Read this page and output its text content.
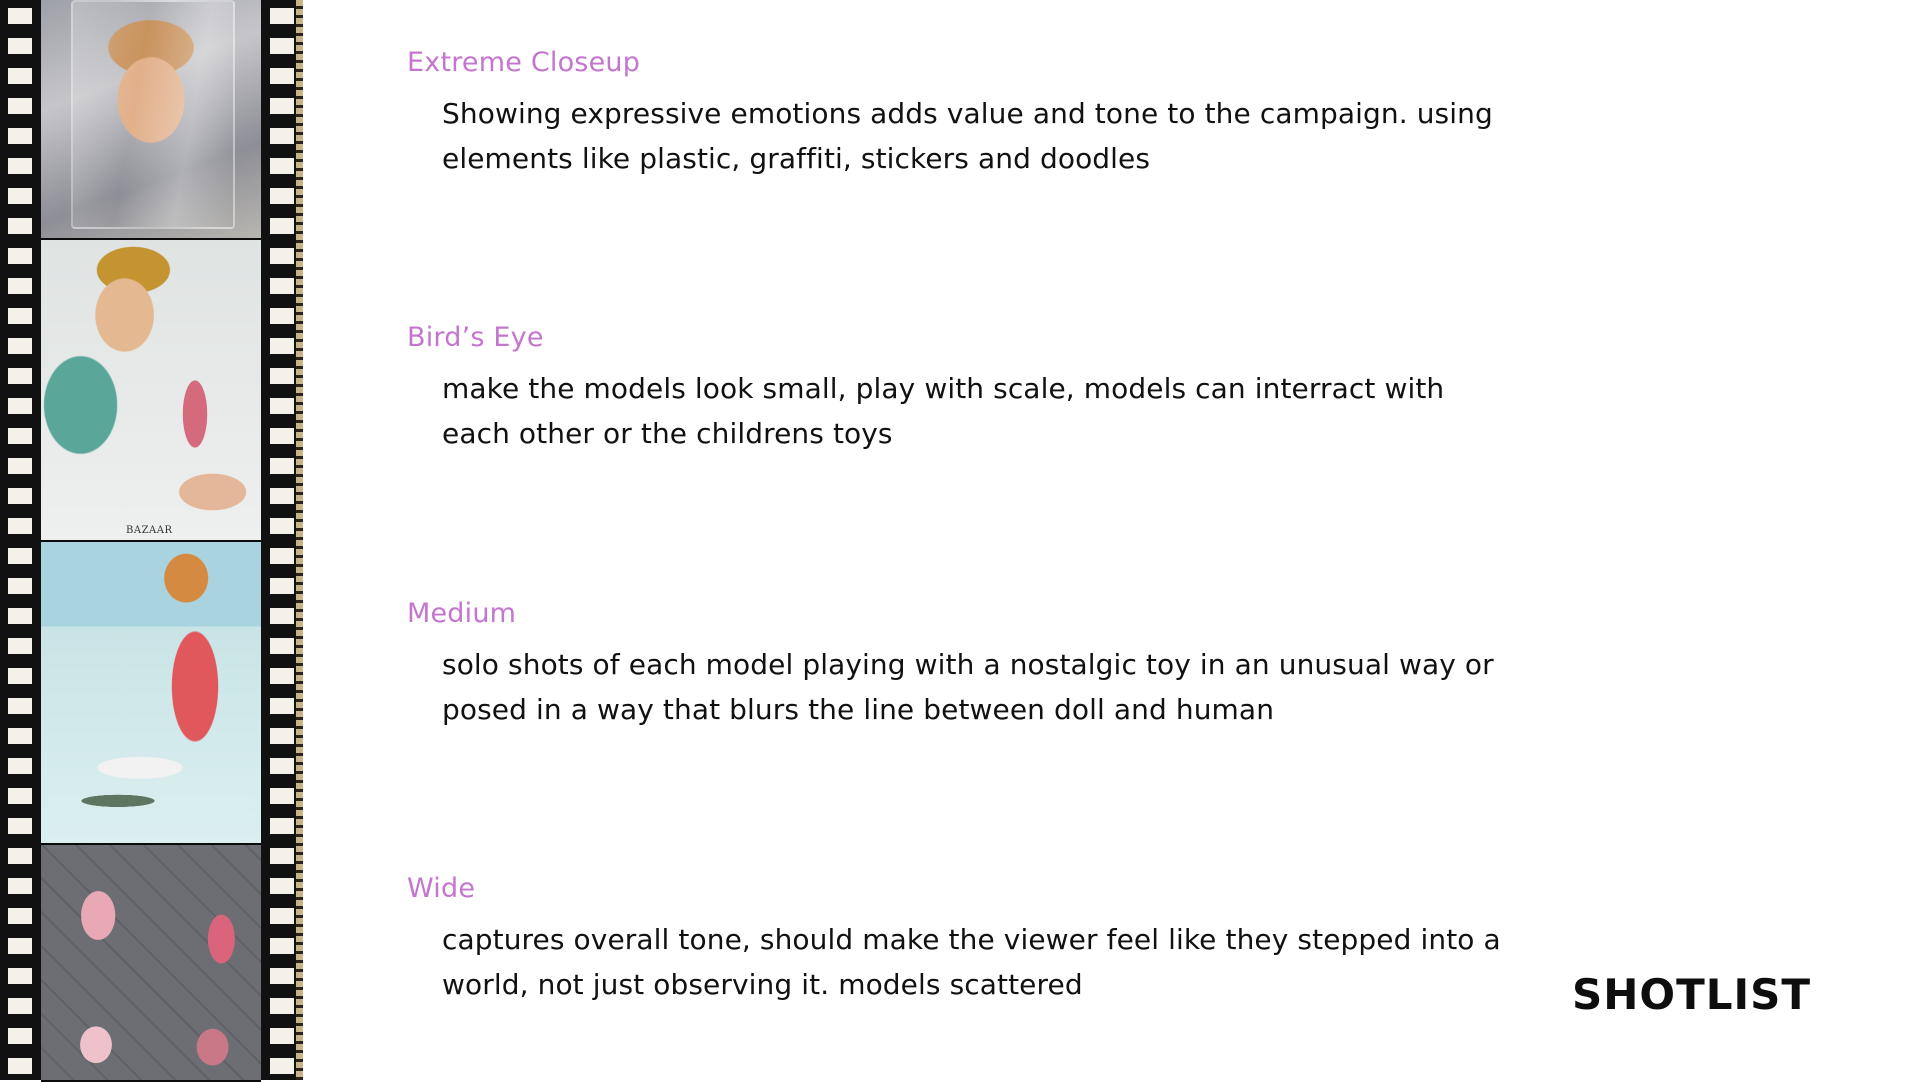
BAZAAR
Extreme Closeup

Showing expressive emotions adds value and tone to the campaign. using elements like plastic, graffiti, stickers and doodles

Bird’s Eye

make the models look small, play with scale, models can interract with each other or the childrens toys

Medium

solo shots of each model playing with a nostalgic toy in an unusual way or posed in a way that blurs the line between doll and human

Wide

captures overall tone, should make the viewer feel like they stepped into a world, not just observing it. models scattered	SHOTLIST
